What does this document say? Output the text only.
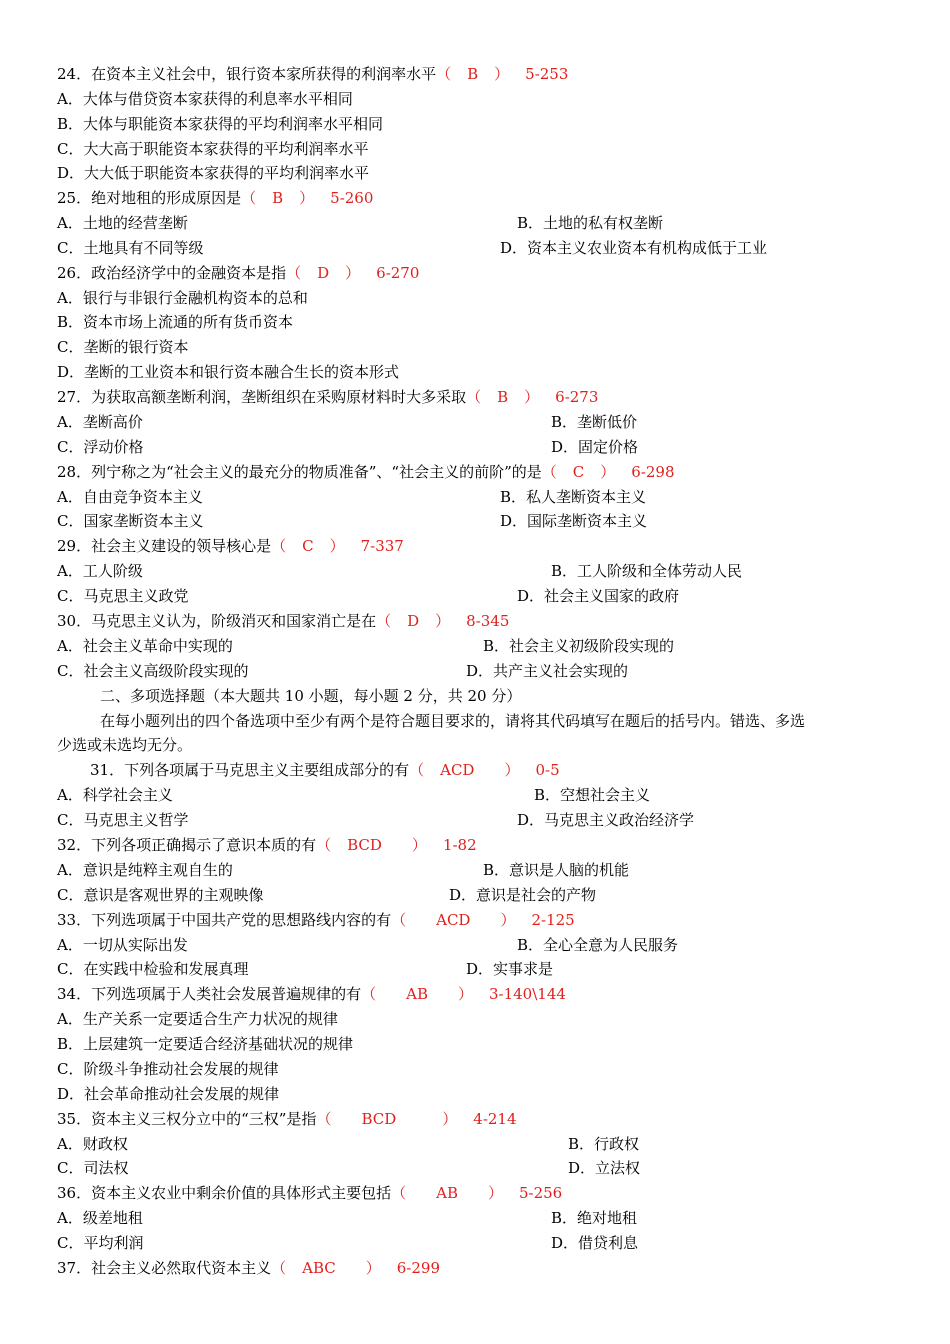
24．在资本主义社会中，银行资本家所获得的利润率水平（ B ） 5-253
A．大体与借贷资本家获得的利息率水平相同
B．大体与职能资本家获得的平均利润率水平相同
C．大大高于职能资本家获得的平均利润率水平
D．大大低于职能资本家获得的平均利润率水平
25．绝对地租的形成原因是（ B ） 5-260
A．土地的经营垄断	B．土地的私有权垄断
C．土地具有不同等级	D．资本主义农业资本有机构成低于工业
26．政治经济学中的金融资本是指（ D ） 6-270
A．银行与非银行金融机构资本的总和
B．资本市场上流通的所有货币资本
C．垄断的银行资本
D．垄断的工业资本和银行资本融合生长的资本形式
27．为获取高额垄断利润，垄断组织在采购原材料时大多采取（ B ） 6-273
A．垄断高价	B．垄断低价
C．浮动价格	D．固定价格
28．列宁称之为“社会主义的最充分的物质准备”、“社会主义的前阶”的是（ C ） 6-298
A．自由竞争资本主义	B．私人垄断资本主义
C．国家垄断资本主义	D．国际垄断资本主义
29．社会主义建设的领导核心是（ C ） 7-337
A．工人阶级	B．工人阶级和全体劳动人民
C．马克思主义政党	D．社会主义国家的政府
30．马克思主义认为，阶级消灭和国家消亡是在（ D ） 8-345
A．社会主义革命中实现的	B．社会主义初级阶段实现的
C．社会主义高级阶段实现的	D．共产主义社会实现的
二、多项选择题（本大题共 10 小题，每小题 2 分，共 20 分）
在每小题列出的四个备选项中至少有两个是符合题目要求的，请将其代码填写在题后的括号内。错选、多选
少选或未选均无分。
31．下列各项属于马克思主义主要组成部分的有（ ACD ） 0-5
A．科学社会主义	B．空想社会主义
C．马克思主义哲学	D．马克思主义政治经济学
32．下列各项正确揭示了意识本质的有（ BCD ） 1-82
A．意识是纯粹主观自生的	B．意识是人脑的机能
C．意识是客观世界的主观映像	D．意识是社会的产物
33．下列选项属于中国共产党的思想路线内容的有（ ACD ） 2-125
A．一切从实际出发	B．全心全意为人民服务
C．在实践中检验和发展真理	D．实事求是
34．下列选项属于人类社会发展普遍规律的有（ AB ） 3-140\144
A．生产关系一定要适合生产力状况的规律
B．上层建筑一定要适合经济基础状况的规律
C．阶级斗争推动社会发展的规律
D．社会革命推动社会发展的规律
35．资本主义三权分立中的“三权”是指（ BCD	） 4-214
A．财政权	B．行政权
C．司法权	D．立法权
36．资本主义农业中剩余价值的具体形式主要包括（ AB ） 5-256
A．级差地租	B．绝对地租
C．平均利润	D．借贷利息
37．社会主义必然取代资本主义（ ABC ） 6-299
